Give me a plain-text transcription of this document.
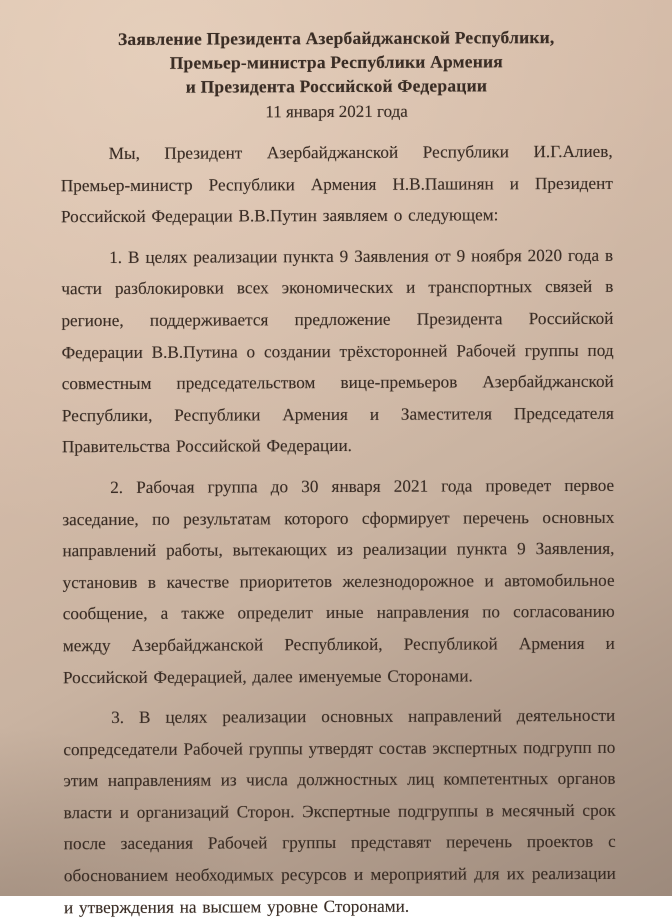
Заявление Президента Азербайджанской Республики,
Премьер-министра Республики Армения
и Президента Российской Федерации
11 января 2021 года

Мы, Президент Азербайджанской Республики И.Г.Алиев, Премьер-министр Республики Армения Н.В.Пашинян и Президент Российской Федерации В.В.Путин заявляем о следующем:

1. В целях реализации пункта 9 Заявления от 9 ноября 2020 года в части разблокировки всех экономических и транспортных связей в регионе, поддерживается предложение Президента Российской Федерации В.В.Путина о создании трёхсторонней Рабочей группы под совместным председательством вице-премьеров Азербайджанской Республики, Республики Армения и Заместителя Председателя Правительства Российской Федерации.

2. Рабочая группа до 30 января 2021 года проведет первое заседание, по результатам которого сформирует перечень основных направлений работы, вытекающих из реализации пункта 9 Заявления, установив в качестве приоритетов железнодорожное и автомобильное сообщение, а также определит иные направления по согласованию между Азербайджанской Республикой, Республикой Армения и Российской Федерацией, далее именуемые Сторонами.

3. В целях реализации основных направлений деятельности сопредседатели Рабочей группы утвердят состав экспертных подгрупп по этим направлениям из числа должностных лиц компетентных органов власти и организаций Сторон. Экспертные подгруппы в месячный срок после заседания Рабочей группы представят перечень проектов с обоснованием необходимых ресурсов и мероприятий для их реализации и утверждения на высшем уровне Сторонами.
